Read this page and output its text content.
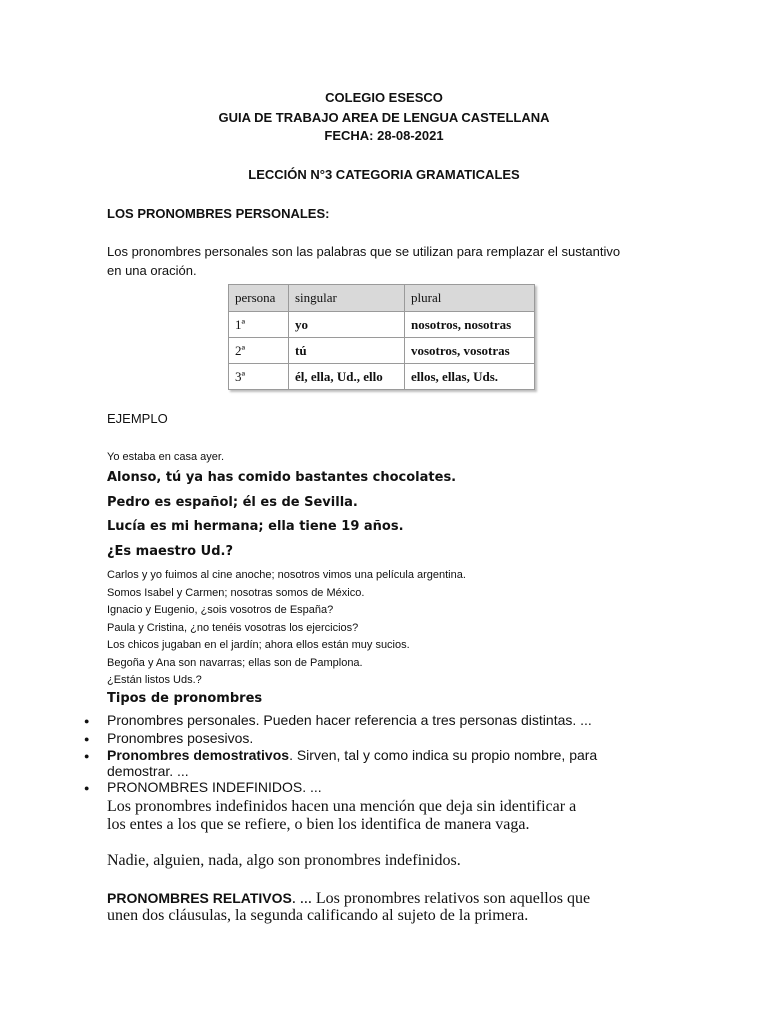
COLEGIO ESESCO
GUIA DE TRABAJO AREA DE LENGUA CASTELLANA
FECHA: 28-08-2021
LECCIÓN N°3 CATEGORIA GRAMATICALES
LOS PRONOMBRES PERSONALES:
Los pronombres personales son las palabras que se utilizan para remplazar el sustantivo
en una oración.
persona	singular	plural
1ª	yo	nosotros, nosotras
2ª	tú	vosotros, vosotras
3ª	él, ella, Ud., ello	ellos, ellas, Uds.
EJEMPLO
Yo estaba en casa ayer.
Alonso, tú ya has comido bastantes chocolates.
Pedro es español; él es de Sevilla.
Lucía es mi hermana; ella tiene 19 años.
¿Es maestro Ud.?
Carlos y yo fuimos al cine anoche; nosotros vimos una película argentina.
Somos Isabel y Carmen; nosotras somos de México.
Ignacio y Eugenio, ¿sois vosotros de España?
Paula y Cristina, ¿no tenéis vosotras los ejercicios?
Los chicos jugaban en el jardín; ahora ellos están muy sucios.
Begoña y Ana son navarras; ellas son de Pamplona.
¿Están listos Uds.?
Tipos de pronombres
● Pronombres personales. Pueden hacer referencia a tres personas distintas. ...
● Pronombres posesivos.
● Pronombres demostrativos. Sirven, tal y como indica su propio nombre, para
demostrar. ...
● PRONOMBRES INDEFINIDOS. ...
Los pronombres indefinidos hacen una mención que deja sin identificar a
los entes a los que se refiere, o bien los identifica de manera vaga.
Nadie, alguien, nada, algo son pronombres indefinidos.
PRONOMBRES RELATIVOS. ... Los pronombres relativos son aquellos que
unen dos cláusulas, la segunda calificando al sujeto de la primera.
